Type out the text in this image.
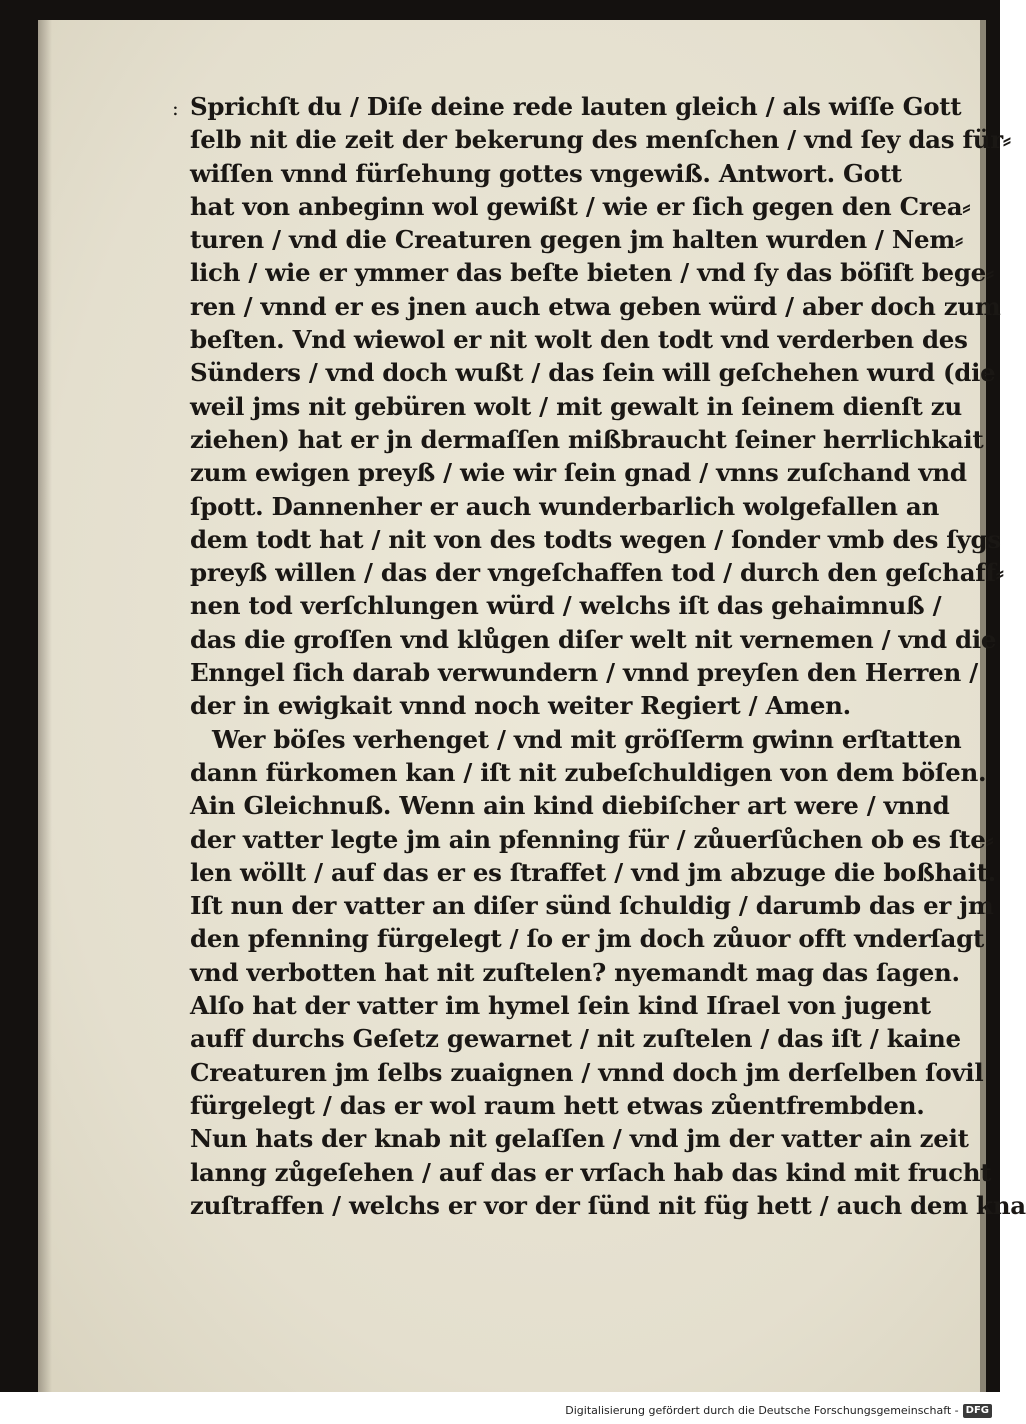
: Sprichſt du / Diſe deine rede lauten gleich / als wiſſe Gott
ſelb nit die zeit der bekerung des menſchen / vnd ſey das für⸗
wiſſen vnnd fürſehung gottes vngewiß. Antwort. Gott
hat von anbeginn wol gewißt / wie er ſich gegen den Crea⸗
turen / vnd die Creaturen gegen jm halten wurden / Nem⸗
lich / wie er ymmer das beſte bieten / vnd ſy das böſiſt bege⸗
ren / vnnd er es jnen auch etwa geben würd / aber doch zum
beſten. Vnd wiewol er nit wolt den todt vnd verderben des
Sünders / vnd doch wußt / das ſein will geſchehen wurd (die
weil jms nit gebüren wolt / mit gewalt in ſeinem dienſt zu
ziehen) hat er jn dermaſſen mißbraucht ſeiner herrlichkait
zum ewigen preyß / wie wir ſein gnad / vnns zuſchand vnd
ſpott. Dannenher er auch wunderbarlich wolgefallen an
dem todt hat / nit von des todts wegen / ſonder vmb des ſygs
preyß willen / das der vngeſchaffen tod / durch den geſchaff⸗
nen tod verſchlungen würd / welchs iſt das gehaimnuß /
das die groſſen vnd klůgen diſer welt nit vernemen / vnd die
Enngel ſich darab verwundern / vnnd preyſen den Herren /
der in ewigkait vnnd noch weiter Regiert / Amen.
Wer böſes verhenget / vnd mit gröſſerm gwinn erſtatten
dann fürkomen kan / iſt nit zubeſchuldigen von dem böſen.
Ain Gleichnuß. Wenn ain kind diebiſcher art were / vnnd
der vatter legte jm ain pfenning für / zůuerſůchen ob es ſte⸗
len wöllt / auf das er es ſtraffet / vnd jm abzuge die boßhait.
Iſt nun der vatter an diſer sünd ſchuldig / darumb das er jm
den pfenning fürgelegt / ſo er jm doch zůuor offt vnderſagt
vnd verbotten hat nit zuſtelen? nyemandt mag das ſagen.
Alſo hat der vatter im hymel ſein kind Iſrael von jugent
auff durchs Geſetz gewarnet / nit zuſtelen / das iſt / kaine
Creaturen jm ſelbs zuaignen / vnnd doch jm derſelben ſovil
fürgelegt / das er wol raum hett etwas zůentfrembden.
Nun hats der knab nit gelaſſen / vnd jm der vatter ain zeit
lanng zůgeſehen / auf das er vrſach hab das kind mit frucht
zuſtraffen / welchs er vor der ſünd nit füg hett / auch dem kna
Digitalisierung gefördert durch die Deutsche Forschungsgemeinschaft - DFG
